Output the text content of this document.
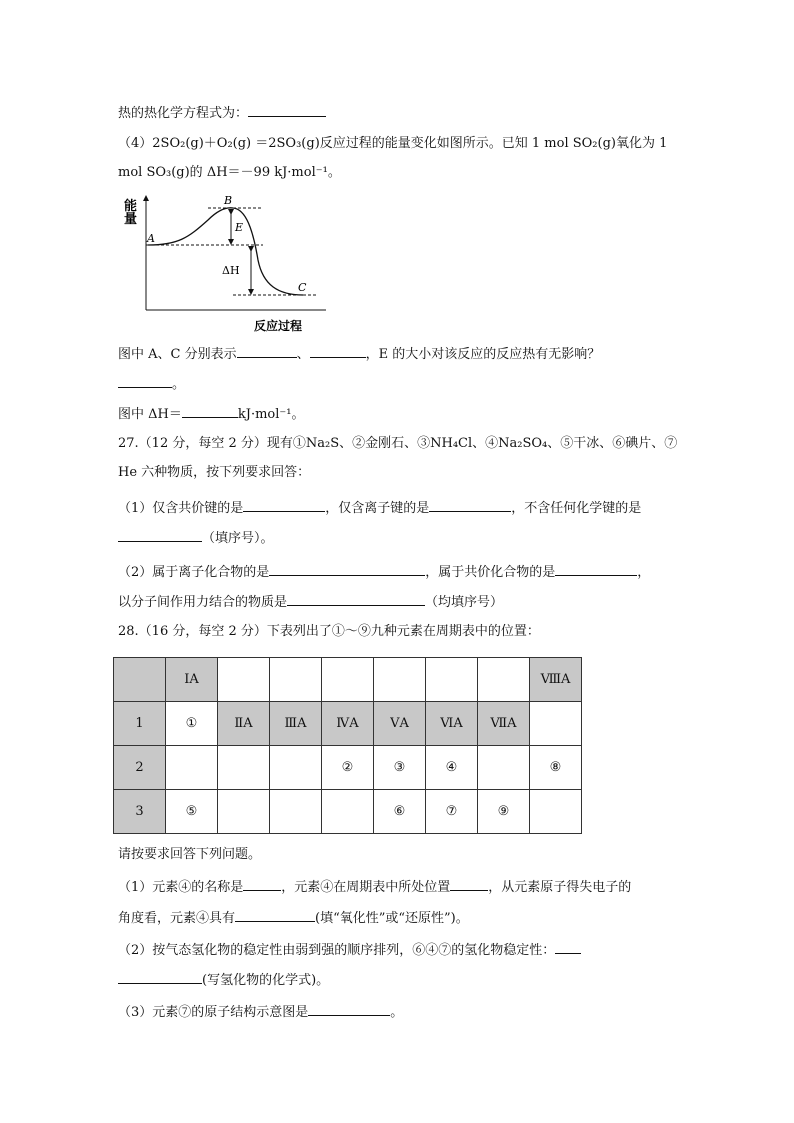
热的热化学方程式为：
（4）2SO₂(g)＋O₂(g) ＝2SO₃(g)反应过程的能量变化如图所示。已知 1 mol SO₂(g)氧化为 1
mol SO₃(g)的 ΔH＝－99 kJ·mol⁻¹。
能
量
反应过程
A
B
C
E
ΔH
图中 A、C 分别表示	、	，E 的大小对该反应的反应热有无影响？
。
图中 ΔH＝	kJ·mol⁻¹。
27.（12 分，每空 2 分）现有①Na₂S、②金刚石、③NH₄Cl、④Na₂SO₄、⑤干冰、⑥碘片、⑦
He 六种物质，按下列要求回答：
（1）仅含共价键的是	，仅含离子键的是	，不含任何化学键的是
（填序号）。
（2）属于离子化合物的是	，属于共价化合物的是	，
以分子间作用力结合的物质是	（均填序号）
28.（16 分，每空 2 分）下表列出了①～⑨九种元素在周期表中的位置：
	ⅠA							ⅧA
1	①	ⅡA	ⅢA	ⅣA	ⅤA	ⅥA	ⅦA	
2				②	③	④		⑧
3	⑤				⑥	⑦	⑨	
请按要求回答下列问题。
（1）元素④的名称是	，元素④在周期表中所处位置	，从元素原子得失电子的
角度看，元素④具有	(填“氧化性”或“还原性”)。
（2）按气态氢化物的稳定性由弱到强的顺序排列，⑥④⑦的氢化物稳定性：
(写氢化物的化学式)。
（3）元素⑦的原子结构示意图是	。
